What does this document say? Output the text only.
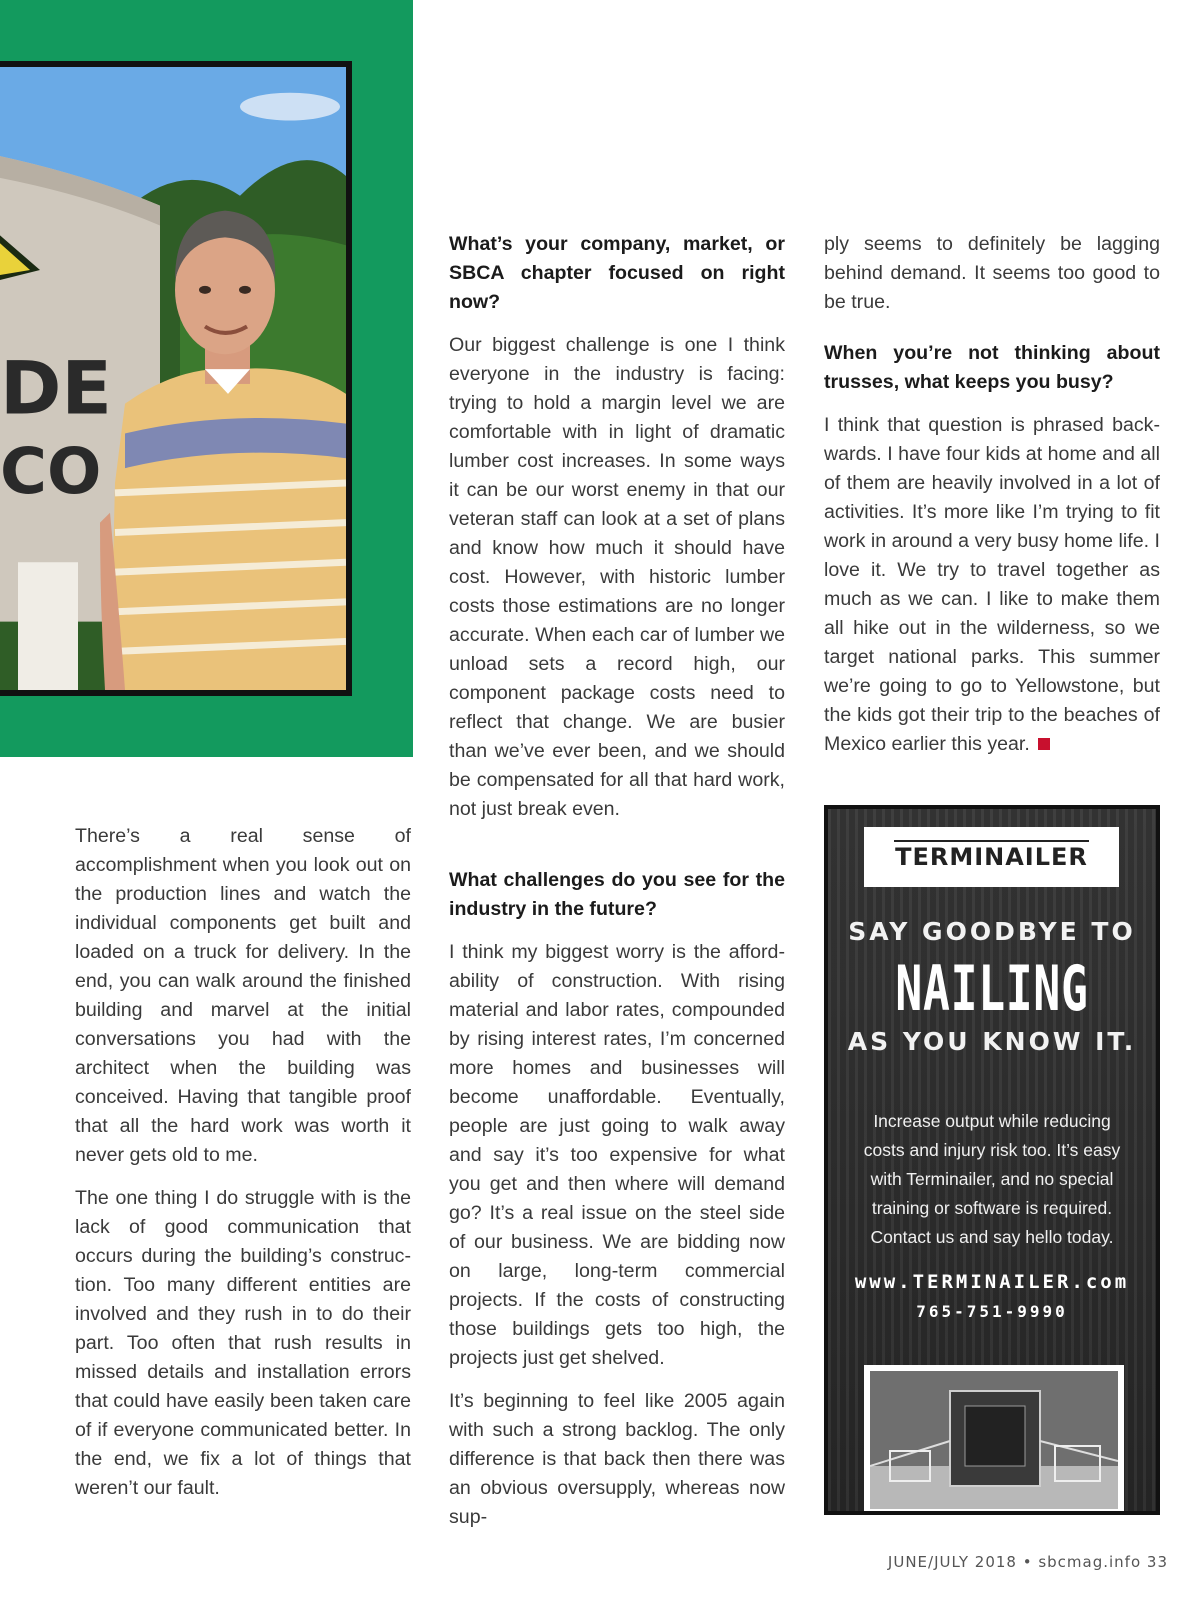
DE
CO

There’s a real sense of accomplishment when you look out on the production lines and watch the individual components get built and loaded on a truck for delivery. In the end, you can walk around the finished building and marvel at the initial conversations you had with the architect when the building was conceived. Having that tangible proof that all the hard work was worth it never gets old to me.

The one thing I do struggle with is the lack of good communication that occurs during the building’s construction. Too many different entities are involved and they rush in to do their part. Too often that rush results in missed details and installation errors that could have easily been taken care of if everyone communicated better. In the end, we fix a lot of things that weren’t our fault.

What’s your company, market, or SBCA chapter focused on right now?

Our biggest challenge is one I think everyone in the industry is facing: trying to hold a margin level we are comfortable with in light of dramatic lumber cost increases. In some ways it can be our worst enemy in that our veteran staff can look at a set of plans and know how much it should have cost. However, with historic lumber costs those estimations are no longer accurate. When each car of lumber we unload sets a record high, our component package costs need to reflect that change. We are busier than we’ve ever been, and we should be compensated for all that hard work, not just break even.

What challenges do you see for the industry in the future?

I think my biggest worry is the affordability of construction. With rising material and labor rates, compounded by rising interest rates, I’m concerned more homes and businesses will become unaffordable. Eventually, people are just going to walk away and say it’s too expensive for what you get and then where will demand go? It’s a real issue on the steel side of our business. We are bidding now on large, long-term commercial projects. If the costs of constructing those buildings gets too high, the projects just get shelved.

It’s beginning to feel like 2005 again with such a strong backlog. The only difference is that back then there was an obvious oversupply, whereas now sup-

ply seems to definitely be lagging behind demand. It seems too good to be true.

When you’re not thinking about trusses, what keeps you busy?

I think that question is phrased backwards. I have four kids at home and all of them are heavily involved in a lot of activities. It’s more like I’m trying to fit work in around a very busy home life. I love it. We try to travel together as much as we can. I like to make them all hike out in the wilderness, so we target national parks. This summer we’re going to go to Yellowstone, but the kids got their trip to the beaches of Mexico earlier this year.

TERMINAILER
SAY GOODBYE TO
NAILING
AS YOU KNOW IT.
Increase output while reducing costs and injury risk too. It’s easy with Terminailer, and no special training or software is required. Contact us and say hello today.
www.TERMINAILER.com
765-751-9990
JUNE/JULY 2018 • sbcmag.info 33
